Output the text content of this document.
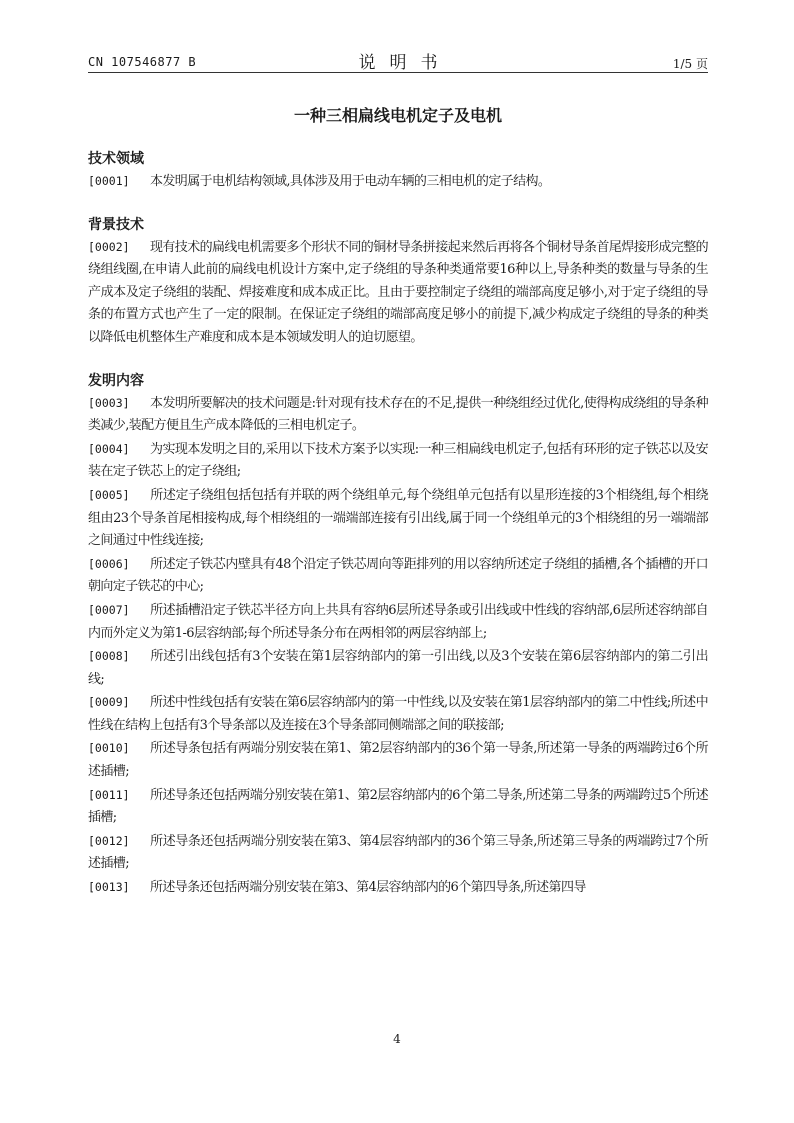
CN 107546877 B	说明书	1/5 页
一种三相扁线电机定子及电机
技术领域
[0001] 本发明属于电机结构领域,具体涉及用于电动车辆的三相电机的定子结构。
背景技术
[0002] 现有技术的扁线电机需要多个形状不同的铜材导条拼接起来然后再将各个铜材导条首尾焊接形成完整的绕组线圈,在申请人此前的扁线电机设计方案中,定子绕组的导条种类通常要16种以上,导条种类的数量与导条的生产成本及定子绕组的装配、焊接难度和成本成正比。且由于要控制定子绕组的端部高度足够小,对于定子绕组的导条的布置方式也产生了一定的限制。在保证定子绕组的端部高度足够小的前提下,减少构成定子绕组的导条的种类以降低电机整体生产难度和成本是本领域发明人的迫切愿望。
发明内容
[0003] 本发明所要解决的技术问题是:针对现有技术存在的不足,提供一种绕组经过优化,使得构成绕组的导条种类减少,装配方便且生产成本降低的三相电机定子。
[0004] 为实现本发明之目的,采用以下技术方案予以实现:一种三相扁线电机定子,包括有环形的定子铁芯以及安装在定子铁芯上的定子绕组;
[0005] 所述定子绕组包括包括有并联的两个绕组单元,每个绕组单元包括有以星形连接的3个相绕组,每个相绕组由23个导条首尾相接构成,每个相绕组的一端端部连接有引出线,属于同一个绕组单元的3个相绕组的另一端端部之间通过中性线连接;
[0006] 所述定子铁芯内壁具有48个沿定子铁芯周向等距排列的用以容纳所述定子绕组的插槽,各个插槽的开口朝向定子铁芯的中心;
[0007] 所述插槽沿定子铁芯半径方向上共具有容纳6层所述导条或引出线或中性线的容纳部,6层所述容纳部自内而外定义为第1-6层容纳部;每个所述导条分布在两相邻的两层容纳部上;
[0008] 所述引出线包括有3个安装在第1层容纳部内的第一引出线,以及3个安装在第6层容纳部内的第二引出线;
[0009] 所述中性线包括有安装在第6层容纳部内的第一中性线,以及安装在第1层容纳部内的第二中性线;所述中性线在结构上包括有3个导条部以及连接在3个导条部同侧端部之间的联接部;
[0010] 所述导条包括有两端分别安装在第1、第2层容纳部内的36个第一导条,所述第一导条的两端跨过6个所述插槽;
[0011] 所述导条还包括两端分别安装在第1、第2层容纳部内的6个第二导条,所述第二导条的两端跨过5个所述插槽;
[0012] 所述导条还包括两端分别安装在第3、第4层容纳部内的36个第三导条,所述第三导条的两端跨过7个所述插槽;
[0013] 所述导条还包括两端分别安装在第3、第4层容纳部内的6个第四导条,所述第四导
4
